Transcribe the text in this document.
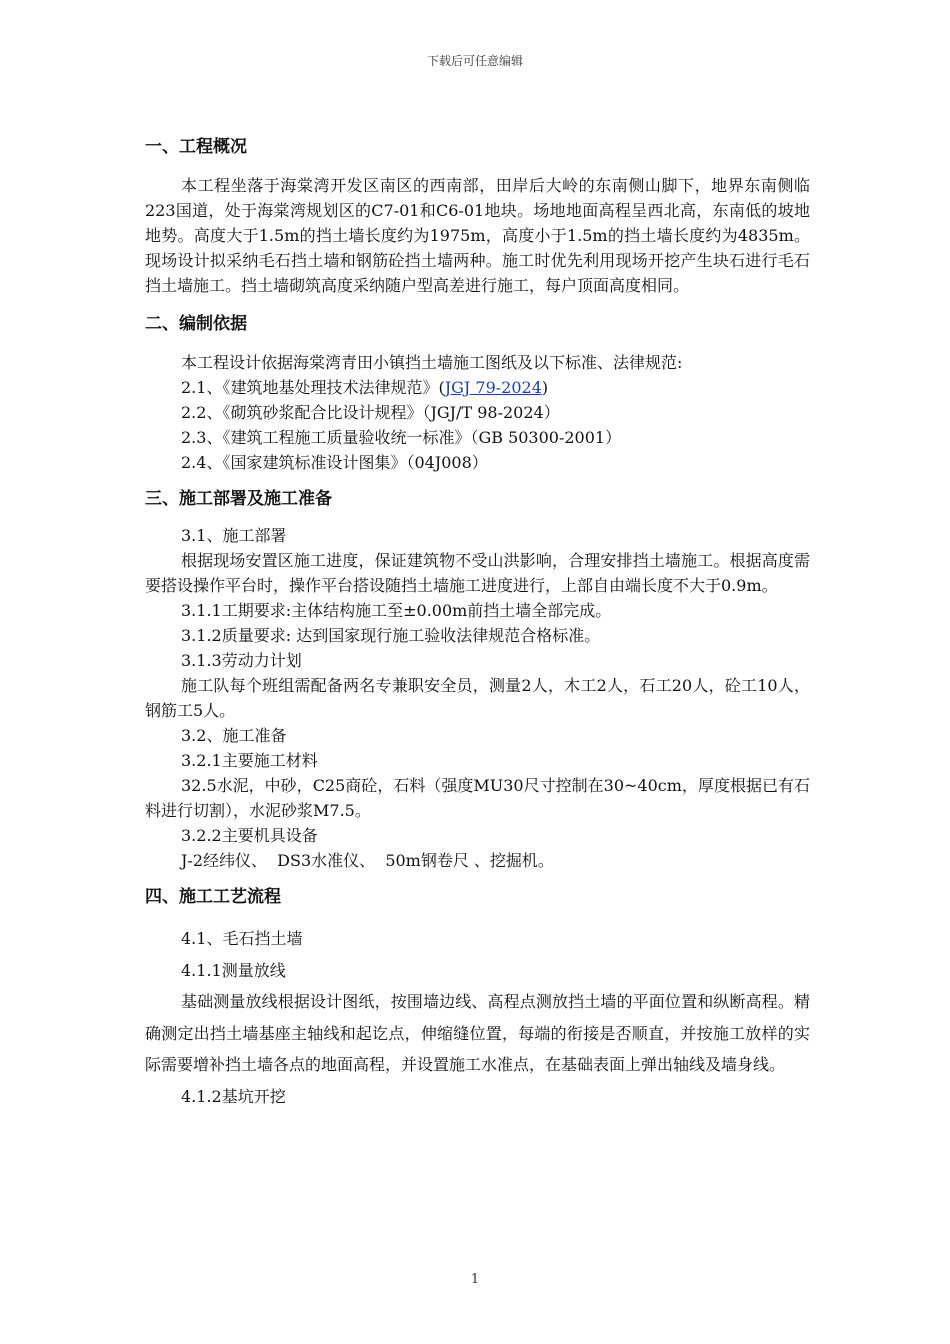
下载后可任意编辑
一、工程概况

本工程坐落于海棠湾开发区南区的西南部，田岸后大岭的东南侧山脚下，地界东南侧临223国道，处于海棠湾规划区的C7-01和C6-01地块。场地地面高程呈西北高，东南低的坡地地势。高度大于1.5m的挡土墙长度约为1975m，高度小于1.5m的挡土墙长度约为4835m。现场设计拟采纳毛石挡土墙和钢筋砼挡土墙两种。施工时优先利用现场开挖产生块石进行毛石挡土墙施工。挡土墙砌筑高度采纳随户型高差进行施工，每户顶面高度相同。

二、编制依据

本工程设计依据海棠湾青田小镇挡土墙施工图纸及以下标准、法律规范:

2.1、《建筑地基处理技术法律规范》(JGJ 79-2024)

2.2、《砌筑砂浆配合比设计规程》（JGJ/T 98-2024）

2.3、《建筑工程施工质量验收统一标准》（GB 50300-2001）

2.4、《国家建筑标准设计图集》（04J008）

三、施工部署及施工准备

3.1、施工部署

根据现场安置区施工进度，保证建筑物不受山洪影响，合理安排挡土墙施工。根据高度需要搭设操作平台时，操作平台搭设随挡土墙施工进度进行，上部自由端长度不大于0.9m。

3.1.1工期要求:主体结构施工至±0.00m前挡土墙全部完成。

3.1.2质量要求: 达到国家现行施工验收法律规范合格标准。

3.1.3劳动力计划

施工队每个班组需配备两名专兼职安全员，测量2人，木工2人，石工20人，砼工10人，钢筋工5人。

3.2、施工准备

3.2.1主要施工材料

32.5水泥，中砂，C25商砼，石料（强度MU30尺寸控制在30~40cm，厚度根据已有石料进行切割），水泥砂浆M7.5。

3.2.2主要机具设备

J-2经纬仪、  DS3水准仪、  50m钢卷尺 、挖掘机。

四、施工工艺流程

4.1、毛石挡土墙

4.1.1测量放线

基础测量放线根据设计图纸，按围墙边线、高程点测放挡土墙的平面位置和纵断高程。精确测定出挡土墙基座主轴线和起讫点，伸缩缝位置，每端的衔接是否顺直，并按施工放样的实际需要增补挡土墙各点的地面高程，并设置施工水准点，在基础表面上弹出轴线及墙身线。

4.1.2基坑开挖

1
